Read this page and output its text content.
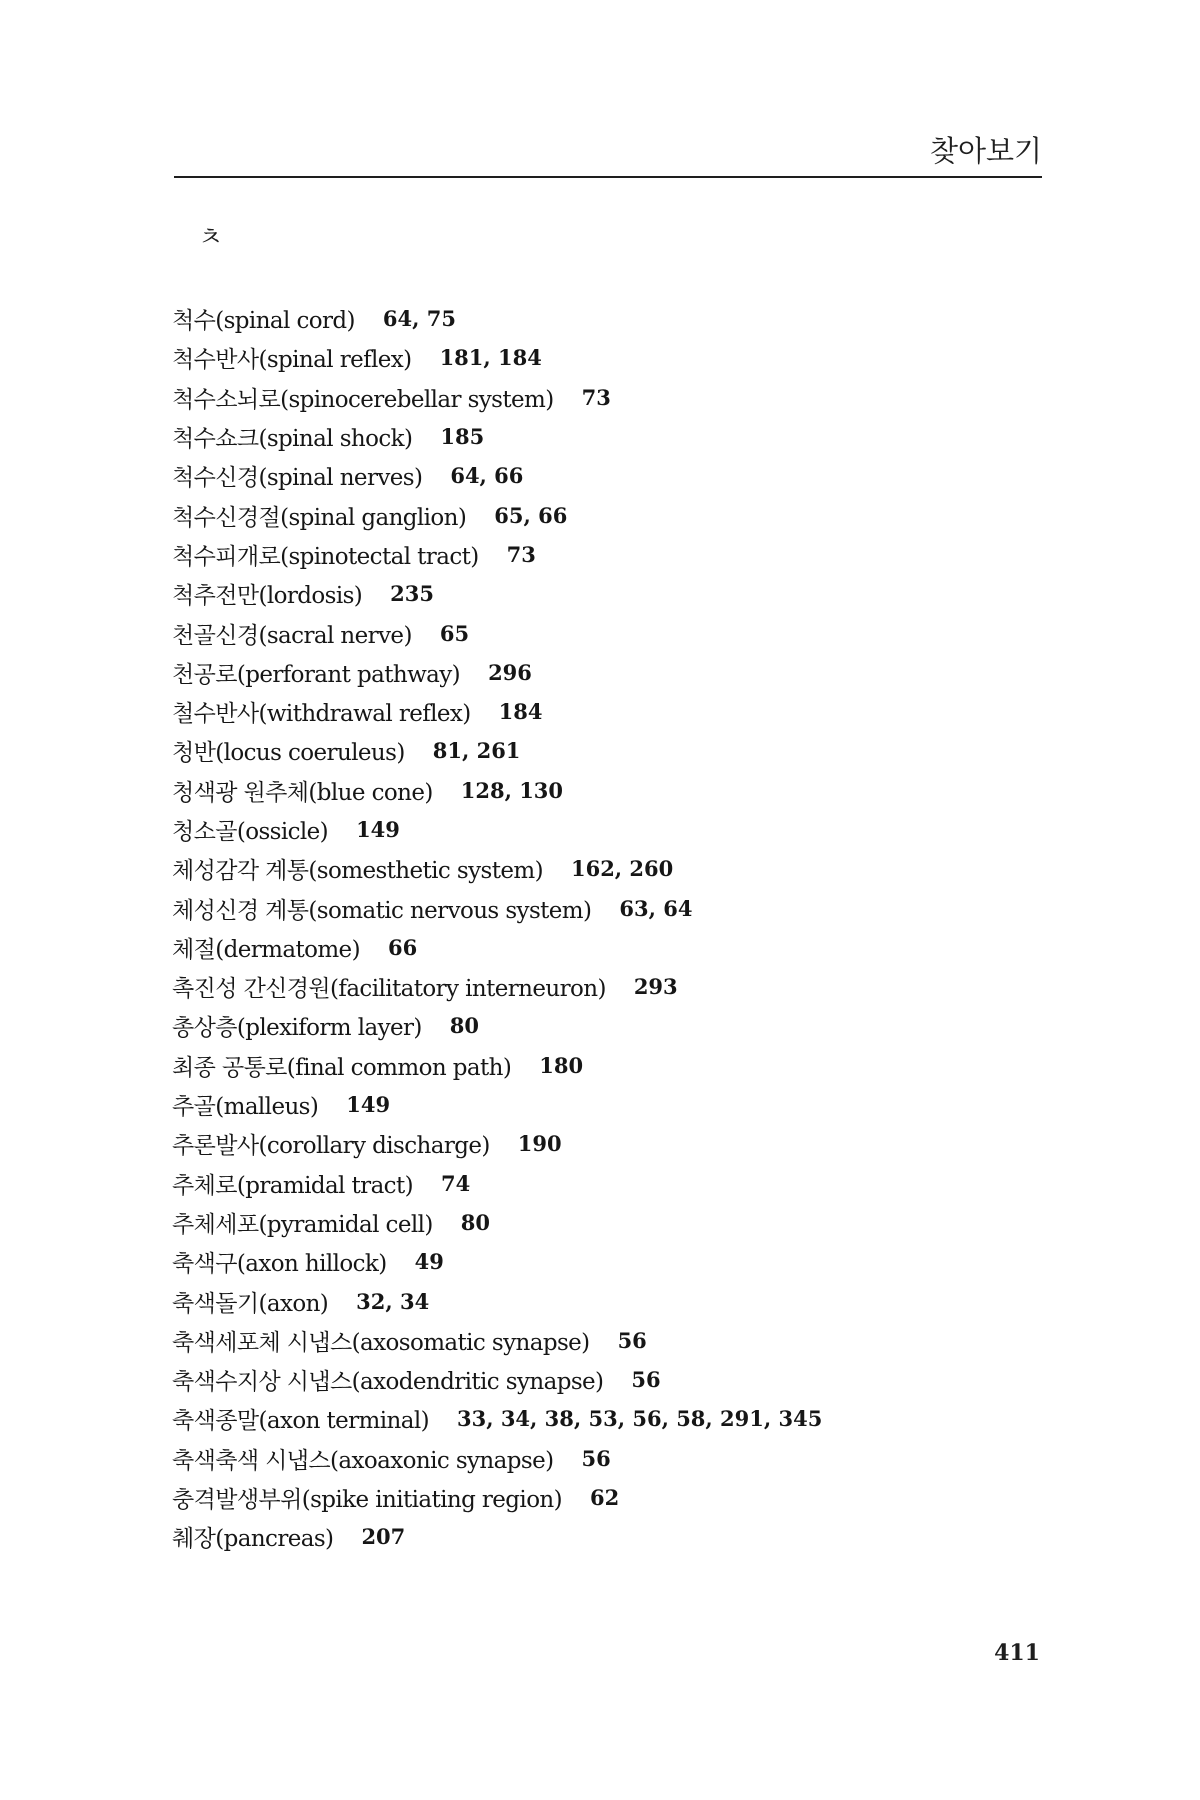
찾아보기
ㅊ
척수(spinal cord) 64, 75
척수반사(spinal reflex) 181, 184
척수소뇌로(spinocerebellar system) 73
척수쇼크(spinal shock) 185
척수신경(spinal nerves) 64, 66
척수신경절(spinal ganglion) 65, 66
척수피개로(spinotectal tract) 73
척추전만(lordosis) 235
천골신경(sacral nerve) 65
천공로(perforant pathway) 296
철수반사(withdrawal reflex) 184
청반(locus coeruleus) 81, 261
청색광 원추체(blue cone) 128, 130
청소골(ossicle) 149
체성감각 계통(somesthetic system) 162, 260
체성신경 계통(somatic nervous system) 63, 64
체절(dermatome) 66
촉진성 간신경원(facilitatory interneuron) 293
총상층(plexiform layer) 80
최종 공통로(final common path) 180
추골(malleus) 149
추론발사(corollary discharge) 190
추체로(pramidal tract) 74
추체세포(pyramidal cell) 80
축색구(axon hillock) 49
축색돌기(axon) 32, 34
축색세포체 시냅스(axosomatic synapse) 56
축색수지상 시냅스(axodendritic synapse) 56
축색종말(axon terminal) 33, 34, 38, 53, 56, 58, 291, 345
축색축색 시냅스(axoaxonic synapse) 56
충격발생부위(spike initiating region) 62
췌장(pancreas) 207
411
